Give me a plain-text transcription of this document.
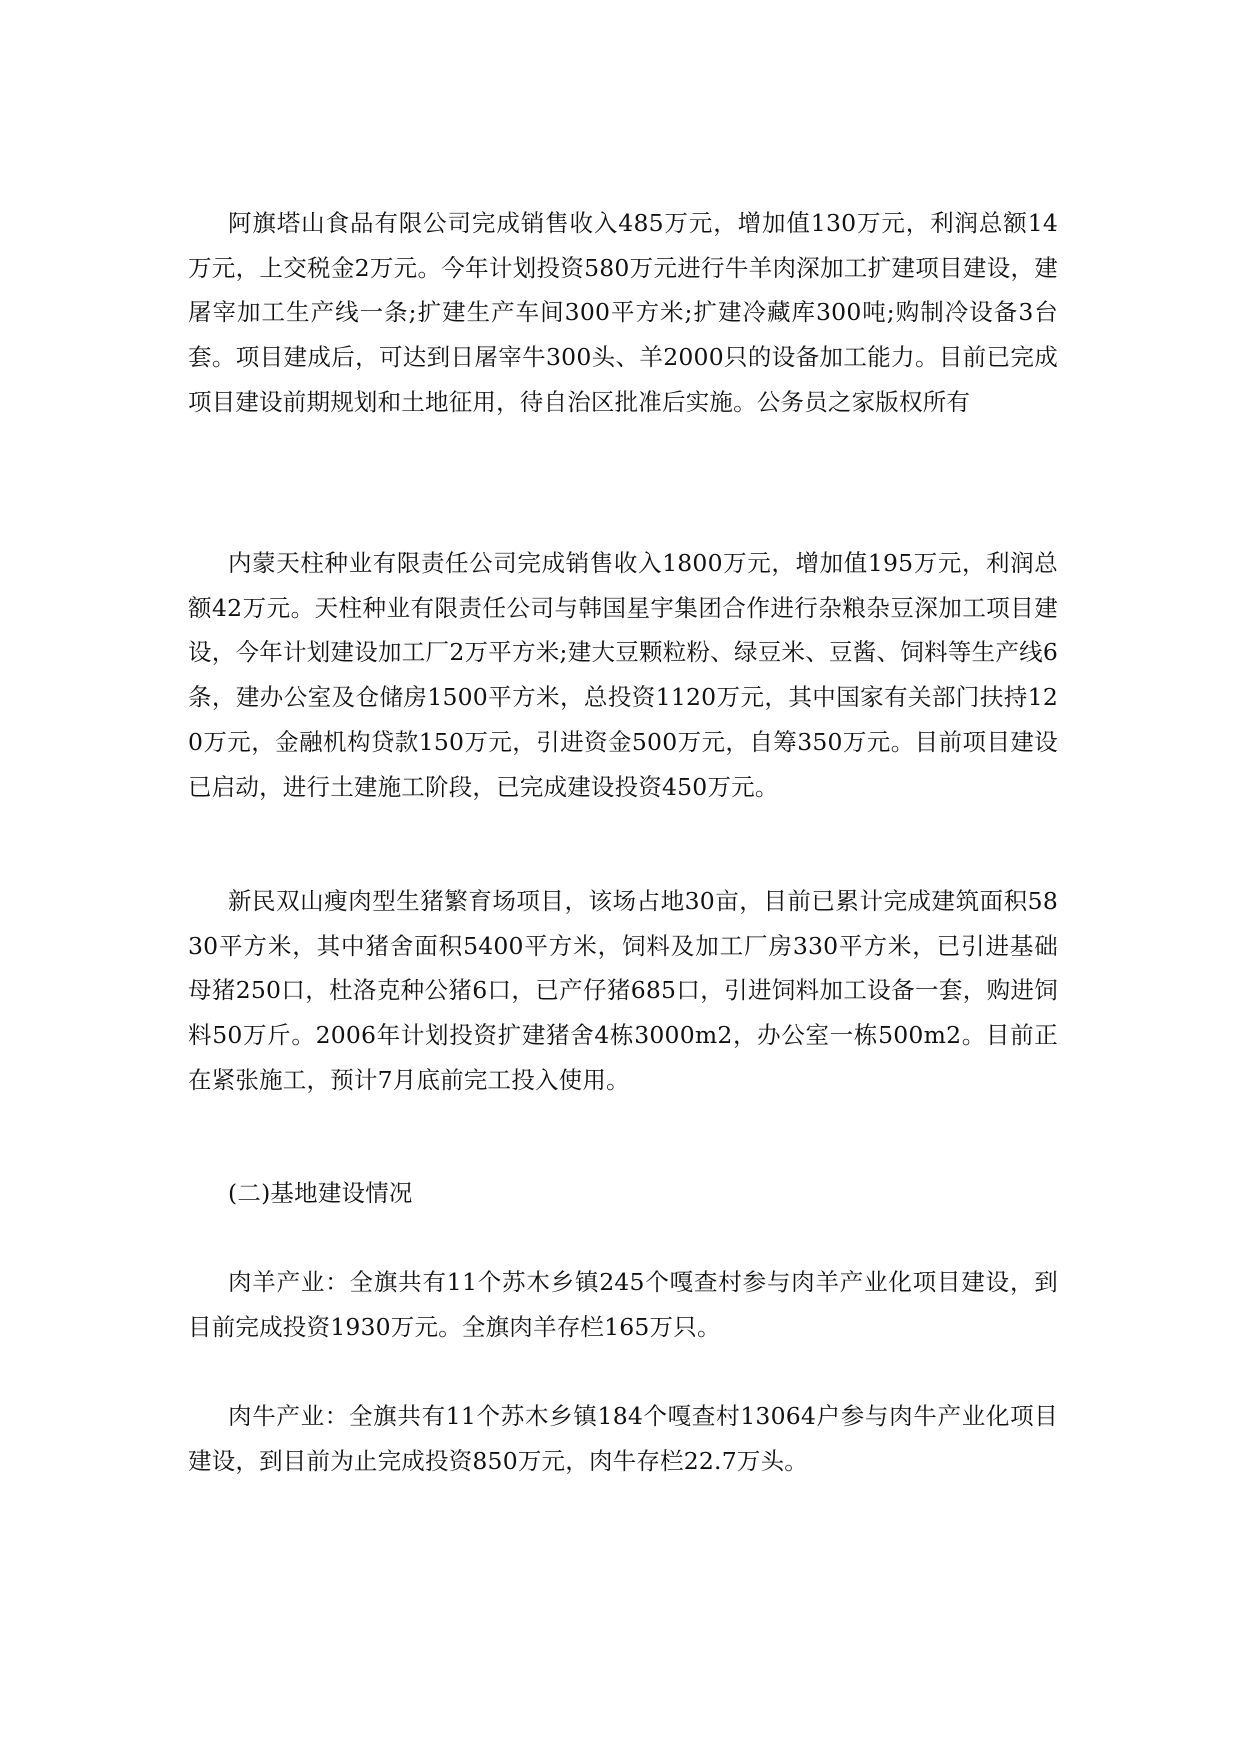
阿旗塔山食品有限公司完成销售收入485万元，增加值130万元，利润总额14万元，上交税金2万元。今年计划投资580万元进行牛羊肉深加工扩建项目建设，建屠宰加工生产线一条;扩建生产车间300平方米;扩建冷藏库300吨;购制冷设备3台套。项目建成后，可达到日屠宰牛300头、羊2000只的设备加工能力。目前已完成项目建设前期规划和土地征用，待自治区批准后实施。公务员之家版权所有

内蒙天柱种业有限责任公司完成销售收入1800万元，增加值195万元，利润总额42万元。天柱种业有限责任公司与韩国星宇集团合作进行杂粮杂豆深加工项目建设，今年计划建设加工厂2万平方米;建大豆颗粒粉、绿豆米、豆酱、饲料等生产线6条，建办公室及仓储房1500平方米，总投资1120万元，其中国家有关部门扶持120万元，金融机构贷款150万元，引进资金500万元，自筹350万元。目前项目建设已启动，进行土建施工阶段，已完成建设投资450万元。

新民双山瘦肉型生猪繁育场项目，该场占地30亩，目前已累计完成建筑面积5830平方米，其中猪舍面积5400平方米，饲料及加工厂房330平方米，已引进基础母猪250口，杜洛克种公猪6口，已产仔猪685口，引进饲料加工设备一套，购进饲料50万斤。2006年计划投资扩建猪舍4栋3000m2，办公室一栋500m2。目前正在紧张施工，预计7月底前完工投入使用。

(二)基地建设情况

肉羊产业：全旗共有11个苏木乡镇245个嘎查村参与肉羊产业化项目建设，到目前完成投资1930万元。全旗肉羊存栏165万只。

肉牛产业：全旗共有11个苏木乡镇184个嘎查村13064户参与肉牛产业化项目建设，到目前为止完成投资850万元，肉牛存栏22.7万头。
